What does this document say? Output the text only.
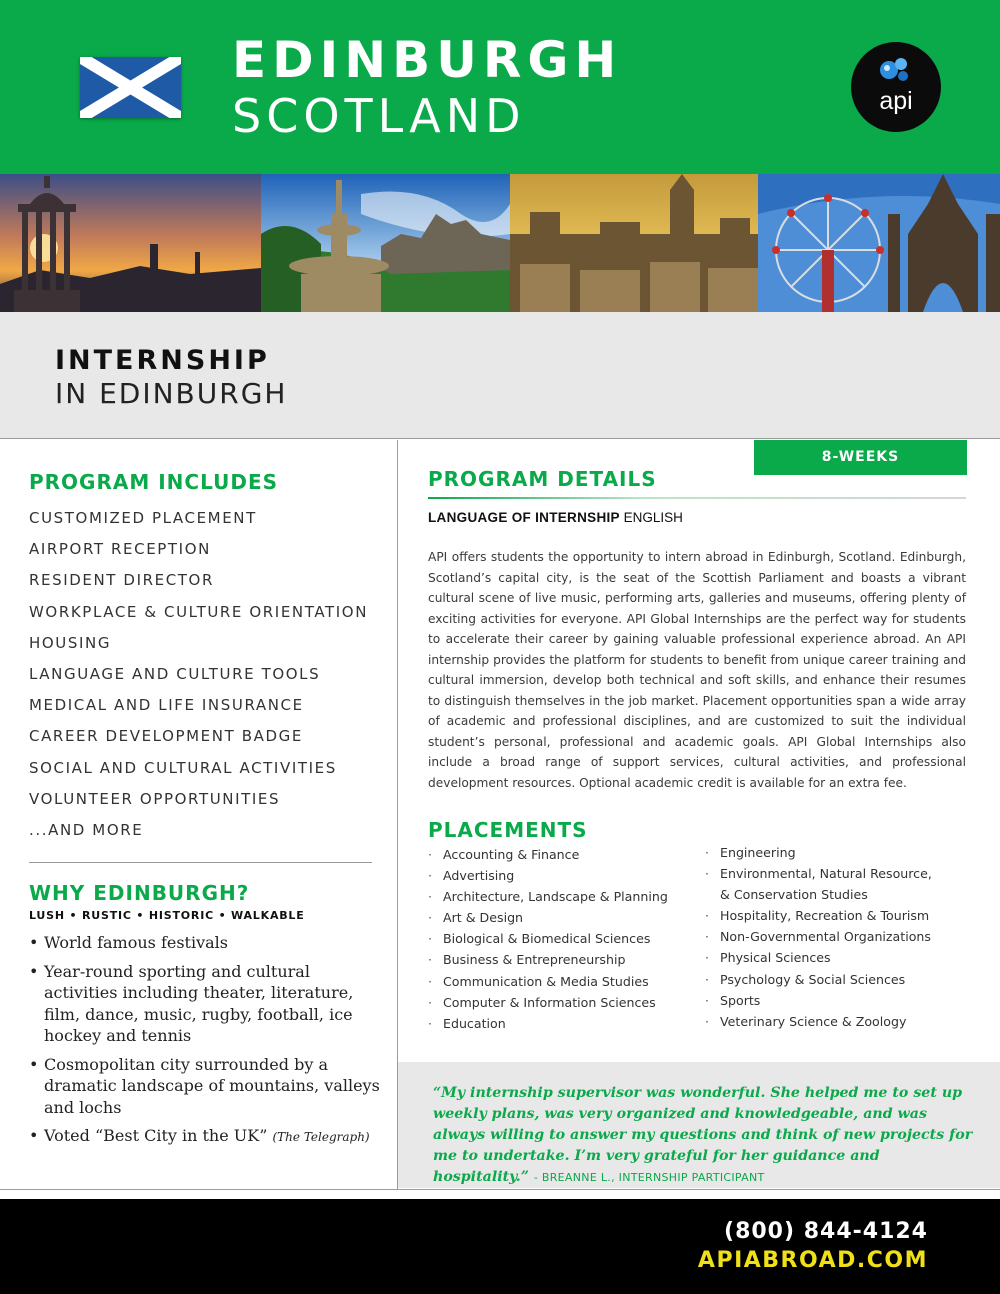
EDINBURGH
SCOTLAND	api
INTERNSHIP
IN EDINBURGH
PROGRAM INCLUDES
CUSTOMIZED PLACEMENT
AIRPORT RECEPTION
RESIDENT DIRECTOR
WORKPLACE & CULTURE ORIENTATION
HOUSING
LANGUAGE AND CULTURE TOOLS
MEDICAL AND LIFE INSURANCE
CAREER DEVELOPMENT BADGE
SOCIAL AND CULTURAL ACTIVITIES
VOLUNTEER OPPORTUNITIES
...AND MORE
WHY EDINBURGH?
LUSH • RUSTIC • HISTORIC • WALKABLE
• World famous festivals
• Year-round sporting and cultural activities including theater, literature, film, dance, music, rugby, football, ice hockey and tennis
• Cosmopolitan city surrounded by a dramatic landscape of mountains, valleys and lochs
• Voted “Best City in the UK” (The Telegraph)
8-WEEKS
PROGRAM DETAILS
LANGUAGE OF INTERNSHIP ENGLISH
API offers students the opportunity to intern abroad in Edinburgh, Scotland. Edinburgh, Scotland’s capital city, is the seat of the Scottish Parliament and boasts a vibrant cultural scene of live music, performing arts, galleries and museums, offering plenty of exciting activities for everyone. API Global Internships are the perfect way for students to accelerate their career by gaining valuable professional experience abroad. An API internship provides the platform for students to benefit from unique career training and cultural immersion, develop both technical and soft skills, and enhance their resumes to distinguish themselves in the job market. Placement opportunities span a wide array of academic and professional disciplines, and are customized to suit the individual student’s personal, professional and academic goals. API Global Internships also include a broad range of support services, cultural activities, and professional development resources. Optional academic credit is available for an extra fee.
PLACEMENTS
· Accounting & Finance
· Advertising
· Architecture, Landscape & Planning
· Art & Design
· Biological & Biomedical Sciences
· Business & Entrepreneurship
· Communication & Media Studies
· Computer & Information Sciences
· Education
· Engineering
· Environmental, Natural Resource,
& Conservation Studies
· Hospitality, Recreation & Tourism
· Non-Governmental Organizations
· Physical Sciences
· Psychology & Social Sciences
· Sports
· Veterinary Science & Zoology
“My internship supervisor was wonderful. She helped me to set up weekly plans, was very organized and knowledgeable, and was always willing to answer my questions and think of new projects for me to undertake. I’m very grateful for her guidance and hospitality.” - BREANNE L., INTERNSHIP PARTICIPANT
(800) 844-4124
APIABROAD.COM
